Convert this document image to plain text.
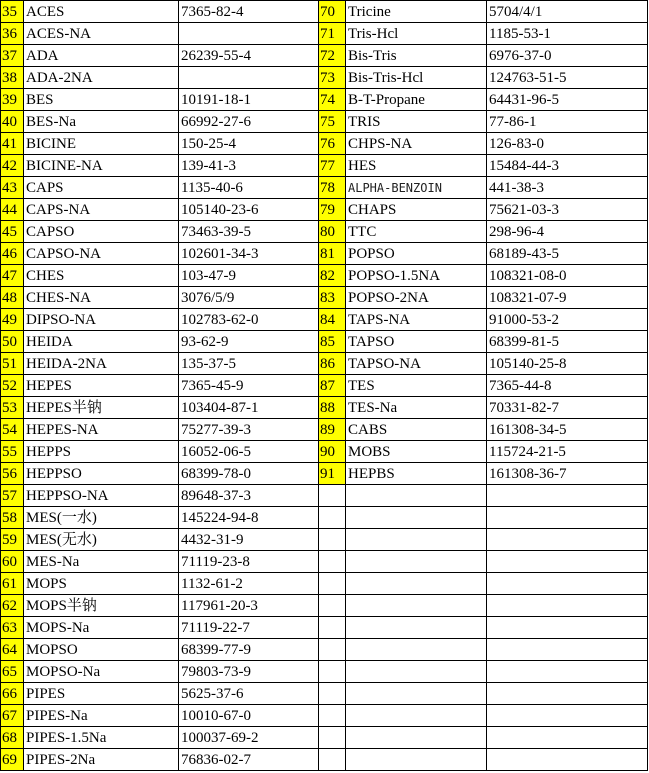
35	ACES	7365-82-4	70	Tricine	5704/4/1
36	ACES-NA		71	Tris-Hcl	1185-53-1
37	ADA	26239-55-4	72	Bis-Tris	6976-37-0
38	ADA-2NA		73	Bis-Tris-Hcl	124763-51-5
39	BES	10191-18-1	74	B-T-Propane	64431-96-5
40	BES-Na	66992-27-6	75	TRIS	77-86-1
41	BICINE	150-25-4	76	CHPS-NA	126-83-0
42	BICINE-NA	139-41-3	77	HES	15484-44-3
43	CAPS	1135-40-6	78	ALPHA-BENZOIN	441-38-3
44	CAPS-NA	105140-23-6	79	CHAPS	75621-03-3
45	CAPSO	73463-39-5	80	TTC	298-96-4
46	CAPSO-NA	102601-34-3	81	POPSO	68189-43-5
47	CHES	103-47-9	82	POPSO-1.5NA	108321-08-0
48	CHES-NA	3076/5/9	83	POPSO-2NA	108321-07-9
49	DIPSO-NA	102783-62-0	84	TAPS-NA	91000-53-2
50	HEIDA	93-62-9	85	TAPSO	68399-81-5
51	HEIDA-2NA	135-37-5	86	TAPSO-NA	105140-25-8
52	HEPES	7365-45-9	87	TES	7365-44-8
53	HEPES半钠	103404-87-1	88	TES-Na	70331-82-7
54	HEPES-NA	75277-39-3	89	CABS	161308-34-5
55	HEPPS	16052-06-5	90	MOBS	115724-21-5
56	HEPPSO	68399-78-0	91	HEPBS	161308-36-7
57	HEPPSO-NA	89648-37-3			
58	MES(一水)	145224-94-8			
59	MES(无水)	4432-31-9			
60	MES-Na	71119-23-8			
61	MOPS	1132-61-2			
62	MOPS半钠	117961-20-3			
63	MOPS-Na	71119-22-7			
64	MOPSO	68399-77-9			
65	MOPSO-Na	79803-73-9			
66	PIPES	5625-37-6			
67	PIPES-Na	10010-67-0			
68	PIPES-1.5Na	100037-69-2			
69	PIPES-2Na	76836-02-7			
